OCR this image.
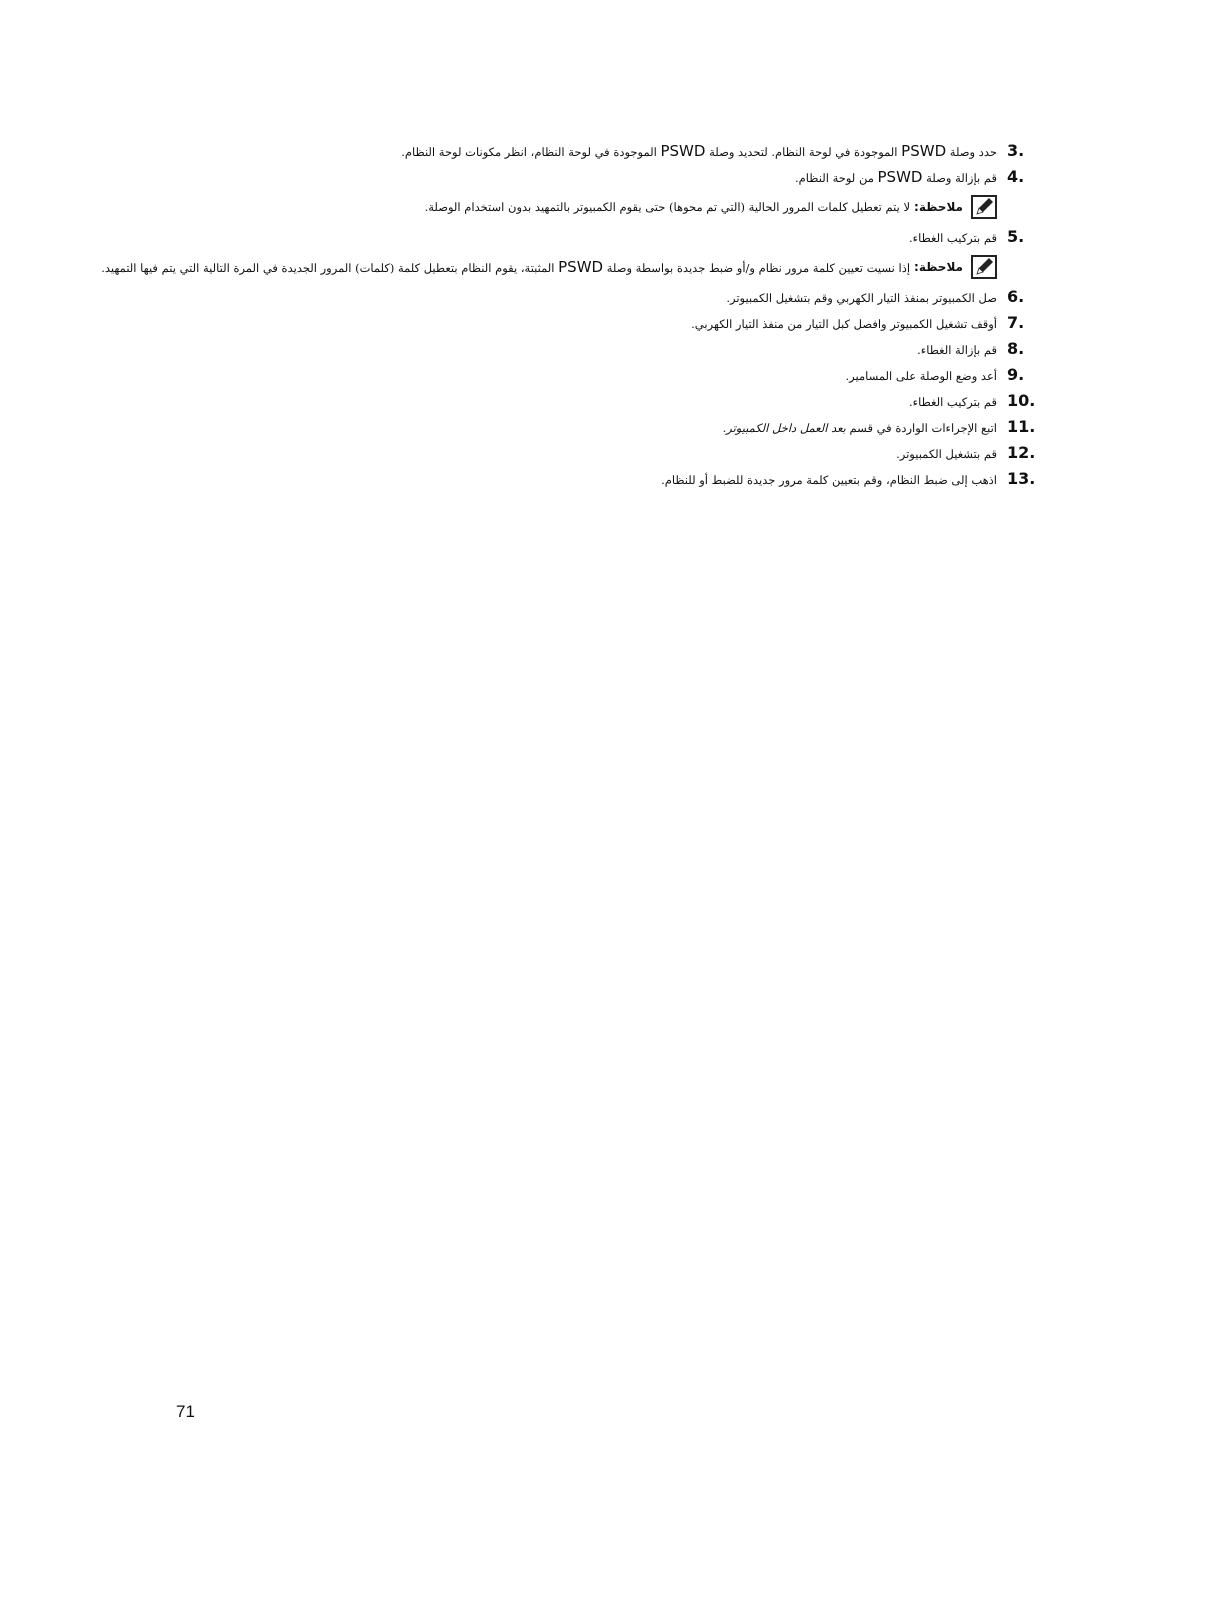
3.
حدد وصلة PSWD الموجودة في لوحة النظام. لتحديد وصلة PSWD الموجودة في لوحة النظام، انظر مكونات لوحة النظام.
4.
قم بإزالة وصلة PSWD من لوحة النظام.
ملاحظة:
لا يتم تعطيل كلمات المرور الحالية (التي تم محوها) حتى يقوم الكمبيوتر بالتمهيد بدون استخدام الوصلة.
5.
قم بتركيب الغطاء.
ملاحظة:
إذا نسيت تعيين كلمة مرور نظام و/أو ضبط جديدة بواسطة وصلة PSWD المثبتة، يقوم النظام بتعطيل كلمة (كلمات) المرور الجديدة في المرة التالية التي يتم فيها التمهيد.
6.
صل الكمبيوتر بمنفذ التيار الكهربي وقم بتشغيل الكمبيوتر.
7.
أوقف تشغيل الكمبيوتر وافصل كبل التيار من منفذ التيار الكهربي.
8.
قم بإزالة الغطاء.
9.
أعد وضع الوصلة على المسامير.
10.
قم بتركيب الغطاء.
11.
اتبع الإجراءات الواردة في قسم بعد العمل داخل الكمبيوتر.
12.
قم بتشغيل الكمبيوتر.
13.
اذهب إلى ضبط النظام، وقم بتعيين كلمة مرور جديدة للضبط أو للنظام.
71
